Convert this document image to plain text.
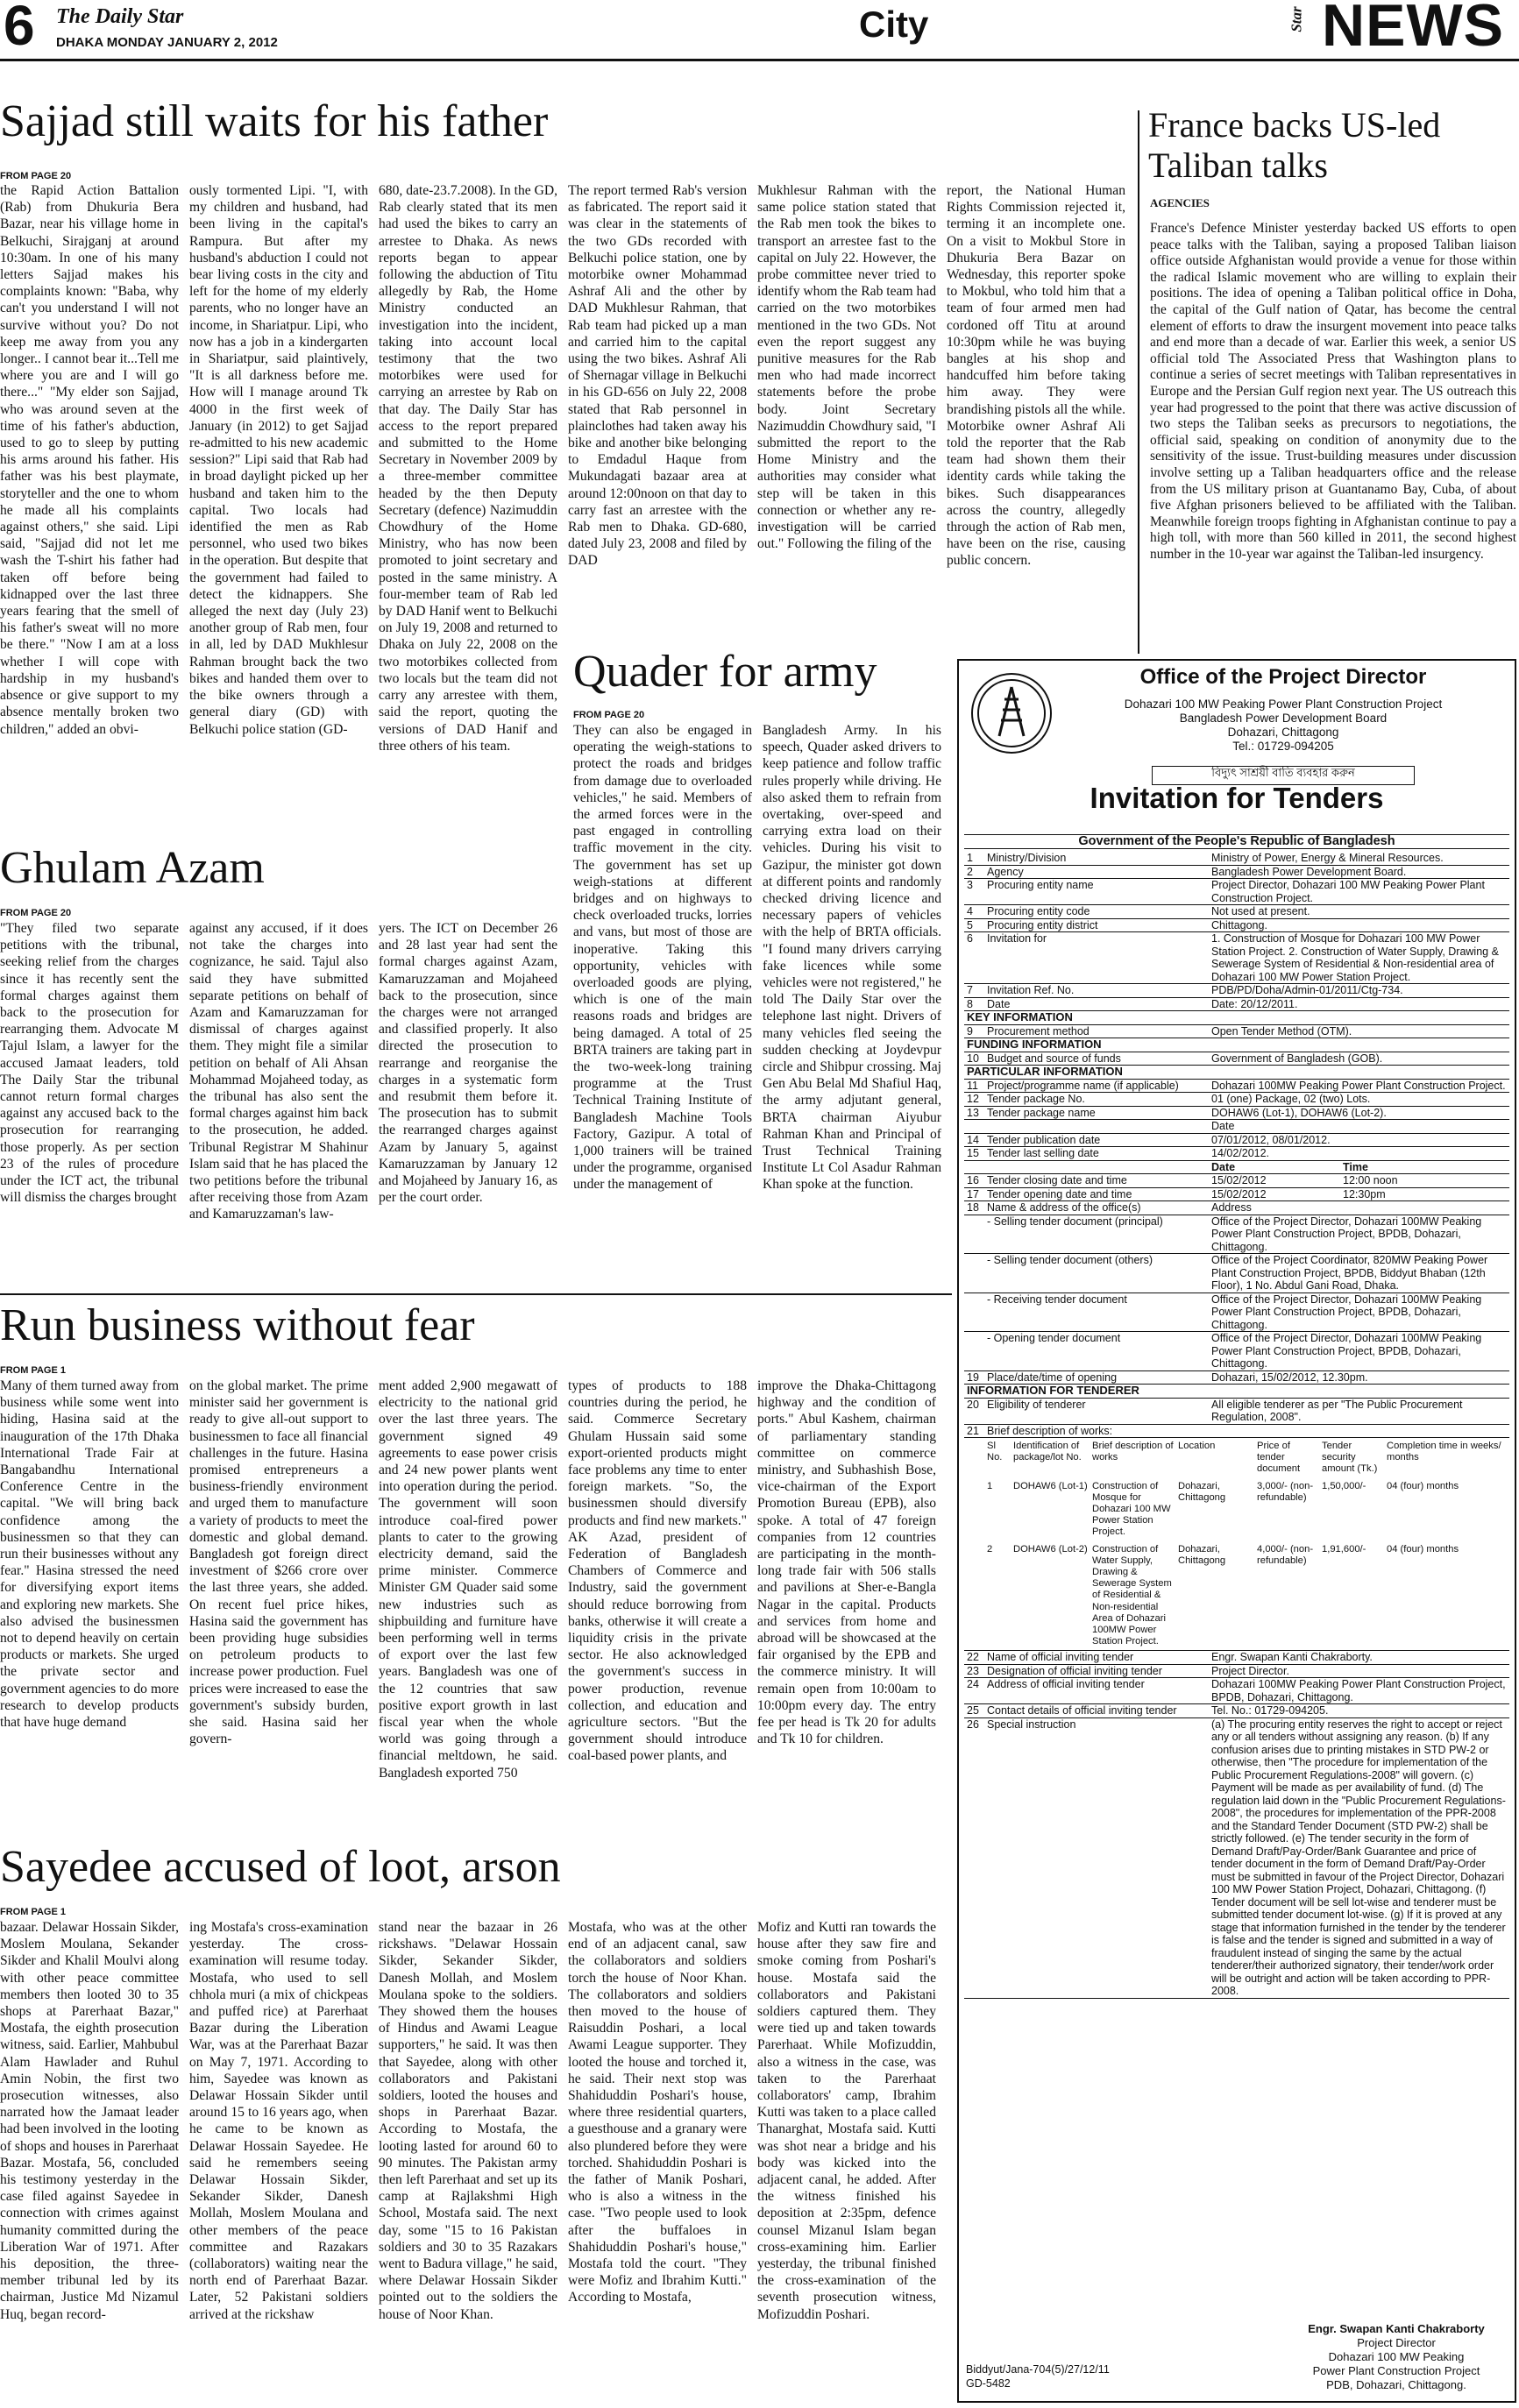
6 The Daily Star
DHAKA MONDAY JANUARY 2, 2012	City	Star NEWS
Sajjad still waits for his father
FROM PAGE 20
the Rapid Action Battalion (Rab) from Dhukuria Bera Bazar, near his village home in Belkuchi, Sirajganj at around 10:30am. In one of his many letters Sajjad makes his complaints known: "Baba, why can't you understand I will not survive without you? Do not keep me away from you any longer.. I cannot bear it...Tell me where you are and I will go there..." "My elder son Sajjad, who was around seven at the time of his father's abduction, used to go to sleep by putting his arms around his father. His father was his best playmate, storyteller and the one to whom he made all his complaints against others," she said. Lipi said, "Sajjad did not let me wash the T-shirt his father had taken off before being kidnapped over the last three years fearing that the smell of his father's sweat will no more be there." "Now I am at a loss whether I will cope with hardship in my husband's absence or give support to my absence mentally broken two children," added an obvi-
ously tormented Lipi. "I, with my children and husband, had been living in the capital's Rampura. But after my husband's abduction I could not bear living costs in the city and left for the home of my elderly parents, who no longer have an income, in Shariatpur. Lipi, who now has a job in a kindergarten in Shariatpur, said plaintively, "It is all darkness before me. How will I manage around Tk 4000 in the first week of January (in 2012) to get Sajjad re-admitted to his new academic session?" Lipi said that Rab had in broad daylight picked up her husband and taken him to the capital. Two locals had identified the men as Rab personnel, who used two bikes in the operation. But despite that the government had failed to detect the kidnappers. She alleged the next day (July 23) another group of Rab men, four in all, led by DAD Mukhlesur Rahman brought back the two bikes and handed them over to the bike owners through a general diary (GD) with Belkuchi police station (GD-
680, date-23.7.2008). In the GD, Rab clearly stated that its men had used the bikes to carry an arrestee to Dhaka. As news reports began to appear following the abduction of Titu allegedly by Rab, the Home Ministry conducted an investigation into the incident, taking into account local testimony that the two motorbikes were used for carrying an arrestee by Rab on that day. The Daily Star has access to the report prepared and submitted to the Home Secretary in November 2009 by a three-member committee headed by the then Deputy Secretary (defence) Nazimuddin Chowdhury of the Home Ministry, who has now been promoted to joint secretary and posted in the same ministry. A four-member team of Rab led by DAD Hanif went to Belkuchi on July 19, 2008 and returned to Dhaka on July 22, 2008 on the two motorbikes collected from two locals but the team did not carry any arrestee with them, said the report, quoting the versions of DAD Hanif and three others of his team.
The report termed Rab's version as fabricated. The report said it was clear in the statements of the two GDs recorded with Belkuchi police station, one by motorbike owner Mohammad Ashraf Ali and the other by DAD Mukhlesur Rahman, that Rab team had picked up a man and carried him to the capital using the two bikes. Ashraf Ali of Shernagar village in Belkuchi in his GD-656 on July 22, 2008 stated that Rab personnel in plainclothes had taken away his bike and another bike belonging to Emdadul Haque from Mukundagati bazaar area at around 12:00noon on that day to carry fast an arrestee with the Rab men to Dhaka. GD-680, dated July 23, 2008 and filed by DAD
Mukhlesur Rahman with the same police station stated that the Rab men took the bikes to transport an arrestee fast to the capital on July 22. However, the probe committee never tried to identify whom the Rab team had carried on the two motorbikes mentioned in the two GDs. Not even the report suggest any punitive measures for the Rab men who had made incorrect statements before the probe body. Joint Secretary Nazimuddin Chowdhury said, "I submitted the report to the Home Ministry and the authorities may consider what step will be taken in this connection or whether any re-investigation will be carried out." Following the filing of the
report, the National Human Rights Commission rejected it, terming it an incomplete one. On a visit to Mokbul Store in Dhukuria Bera Bazar on Wednesday, this reporter spoke to Mokbul, who told him that a team of four armed men had cordoned off Titu at around 10:30pm while he was buying bangles at his shop and handcuffed him before taking him away. They were brandishing pistols all the while. Motorbike owner Ashraf Ali told the reporter that the Rab team had shown them their identity cards while taking the bikes. Such disappearances across the country, allegedly through the action of Rab men, have been on the rise, causing public concern.
France backs US-led Taliban talks
AGENCIES
France's Defence Minister yesterday backed US efforts to open peace talks with the Taliban, saying a proposed Taliban liaison office outside Afghanistan would provide a venue for those within the radical Islamic movement who are willing to explain their positions. The idea of opening a Taliban political office in Doha, the capital of the Gulf nation of Qatar, has become the central element of efforts to draw the insurgent movement into peace talks and end more than a decade of war. Earlier this week, a senior US official told The Associated Press that Washington plans to continue a series of secret meetings with Taliban representatives in Europe and the Persian Gulf region next year. The US outreach this year had progressed to the point that there was active discussion of two steps the Taliban seeks as precursors to negotiations, the official said, speaking on condition of anonymity due to the sensitivity of the issue. Trust-building measures under discussion involve setting up a Taliban headquarters office and the release from the US military prison at Guantanamo Bay, Cuba, of about five Afghan prisoners believed to be affiliated with the Taliban. Meanwhile foreign troops fighting in Afghanistan continue to pay a high toll, with more than 560 killed in 2011, the second highest number in the 10-year war against the Taliban-led insurgency.
Quader for army
FROM PAGE 20
They can also be engaged in operating the weigh-stations to protect the roads and bridges from damage due to overloaded vehicles," he said. Members of the armed forces were in the past engaged in controlling traffic movement in the city. The government has set up weigh-stations at different bridges and on highways to check overloaded trucks, lorries and vans, but most of those are inoperative. Taking this opportunity, vehicles with overloaded goods are plying, which is one of the main reasons roads and bridges are being damaged. A total of 25 BRTA trainers are taking part in the two-week-long training programme at the Trust Technical Training Institute of Bangladesh Machine Tools Factory, Gazipur. A total of 1,000 trainers will be trained under the programme, organised under the management of
Bangladesh Army. In his speech, Quader asked drivers to keep patience and follow traffic rules properly while driving. He also asked them to refrain from overtaking, over-speed and carrying extra load on their vehicles. During his visit to Gazipur, the minister got down at different points and randomly checked driving licence and necessary papers of vehicles with the help of BRTA officials. "I found many drivers carrying fake licences while some vehicles were not registered," he told The Daily Star over the telephone last night. Drivers of many vehicles fled seeing the sudden checking at Joydevpur circle and Shibpur crossing. Maj Gen Abu Belal Md Shafiul Haq, the army adjutant general, BRTA chairman Aiyubur Rahman Khan and Principal of Trust Technical Training Institute Lt Col Asadur Rahman Khan spoke at the function.
Ghulam Azam
FROM PAGE 20
"They filed two separate petitions with the tribunal, seeking relief from the charges since it has recently sent the formal charges against them back to the prosecution for rearranging them. Advocate M Tajul Islam, a lawyer for the accused Jamaat leaders, told The Daily Star the tribunal cannot return formal charges against any accused back to the prosecution for rearranging those properly. As per section 23 of the rules of procedure under the ICT act, the tribunal will dismiss the charges brought
against any accused, if it does not take the charges into cognizance, he said. Tajul also said they have submitted separate petitions on behalf of Azam and Kamaruzzaman for dismissal of charges against them. They might file a similar petition on behalf of Ali Ahsan Mohammad Mojaheed today, as the tribunal has also sent the formal charges against him back to the prosecution, he added. Tribunal Registrar M Shahinur Islam said that he has placed the two petitions before the tribunal after receiving those from Azam and Kamaruzzaman's law-
yers. The ICT on December 26 and 28 last year had sent the formal charges against Azam, Kamaruzzaman and Mojaheed back to the prosecution, since the charges were not arranged and classified properly. It also directed the prosecution to rearrange and reorganise the charges in a systematic form and resubmit them before it. The prosecution has to submit the rearranged charges against Azam by January 5, against Kamaruzzaman by January 12 and Mojaheed by January 16, as per the court order.
Run business without fear
FROM PAGE 1
Many of them turned away from business while some went into hiding, Hasina said at the inauguration of the 17th Dhaka International Trade Fair at Bangabandhu International Conference Centre in the capital. "We will bring back confidence among the businessmen so that they can run their businesses without any fear." Hasina stressed the need for diversifying export items and exploring new markets. She also advised the businessmen not to depend heavily on certain products or markets. She urged the private sector and government agencies to do more research to develop products that have huge demand
on the global market. The prime minister said her government is ready to give all-out support to businessmen to face all financial challenges in the future. Hasina promised entrepreneurs a business-friendly environment and urged them to manufacture a variety of products to meet the domestic and global demand. Bangladesh got foreign direct investment of $266 crore over the last three years, she added. On recent fuel price hikes, Hasina said the government has been providing huge subsidies on petroleum products to increase power production. Fuel prices were increased to ease the government's subsidy burden, she said. Hasina said her govern-
ment added 2,900 megawatt of electricity to the national grid over the last three years. The government signed 49 agreements to ease power crisis and 24 new power plants went into operation during the period. The government will soon introduce coal-fired power plants to cater to the growing electricity demand, said the prime minister. Commerce Minister GM Quader said some new industries such as shipbuilding and furniture have been performing well in terms of export over the last few years. Bangladesh was one of the 12 countries that saw positive export growth in last fiscal year when the whole world was going through a financial meltdown, he said. Bangladesh exported 750
types of products to 188 countries during the period, he said. Commerce Secretary Ghulam Hussain said some export-oriented products might face problems any time to enter foreign markets. "So, the businessmen should diversify products and find new markets." AK Azad, president of Federation of Bangladesh Chambers of Commerce and Industry, said the government should reduce borrowing from banks, otherwise it will create a liquidity crisis in the private sector. He also acknowledged the government's success in power production, revenue collection, and education and agriculture sectors. "But the government should introduce coal-based power plants, and
improve the Dhaka-Chittagong highway and the condition of ports." Abul Kashem, chairman of parliamentary standing committee on commerce ministry, and Subhashish Bose, vice-chairman of the Export Promotion Bureau (EPB), also spoke. A total of 47 foreign companies from 12 countries are participating in the month-long trade fair with 506 stalls and pavilions at Sher-e-Bangla Nagar in the capital. Products and services from home and abroad will be showcased at the fair organised by the EPB and the commerce ministry. It will remain open from 10:00am to 10:00pm every day. The entry fee per head is Tk 20 for adults and Tk 10 for children.
Sayedee accused of loot, arson
FROM PAGE 1
bazaar. Delawar Hossain Sikder, Moslem Moulana, Sekander Sikder and Khalil Moulvi along with other peace committee members then looted 30 to 35 shops at Parerhaat Bazar," Mostafa, the eighth prosecution witness, said. Earlier, Mahbubul Alam Hawlader and Ruhul Amin Nobin, the first two prosecution witnesses, also narrated how the Jamaat leader had been involved in the looting of shops and houses in Parerhaat Bazar. Mostafa, 56, concluded his testimony yesterday in the case filed against Sayedee in connection with crimes against humanity committed during the Liberation War of 1971. After his deposition, the three-member tribunal led by its chairman, Justice Md Nizamul Huq, began record-
ing Mostafa's cross-examination yesterday. The cross-examination will resume today. Mostafa, who used to sell chhola muri (a mix of chickpeas and puffed rice) at Parerhaat Bazar during the Liberation War, was at the Parerhaat Bazar on May 7, 1971. According to him, Sayedee was known as Delawar Hossain Sikder until around 15 to 16 years ago, when he came to be known as Delawar Hossain Sayedee. He said he remembers seeing Delawar Hossain Sikder, Sekander Sikder, Danesh Mollah, Moslem Moulana and other members of the peace committee and Razakars (collaborators) waiting near the north end of Parerhaat Bazar. Later, 52 Pakistani soldiers arrived at the rickshaw
stand near the bazaar in 26 rickshaws. "Delawar Hossain Sikder, Sekander Sikder, Danesh Mollah, and Moslem Moulana spoke to the soldiers. They showed them the houses of Hindus and Awami League supporters," he said. It was then that Sayedee, along with other collaborators and Pakistani soldiers, looted the houses and shops in Parerhaat Bazar. According to Mostafa, the looting lasted for around 60 to 90 minutes. The Pakistan army then left Parerhaat and set up its camp at Rajlakshmi High School, Mostafa said. The next day, some "15 to 16 Pakistan soldiers and 30 to 35 Razakars went to Badura village," he said, where Delawar Hossain Sikder pointed out to the soldiers the house of Noor Khan.
Mostafa, who was at the other end of an adjacent canal, saw the collaborators and soldiers torch the house of Noor Khan. The collaborators and soldiers then moved to the house of Raisuddin Poshari, a local Awami League supporter. They looted the house and torched it, he said. Their next stop was Shahiduddin Poshari's house, where three residential quarters, a guesthouse and a granary were also plundered before they were torched. Shahiduddin Poshari is the father of Manik Poshari, who is also a witness in the case. "Two people used to look after the buffaloes in Shahiduddin Poshari's house," Mostafa told the court. "They were Mofiz and Ibrahim Kutti." According to Mostafa,
Mofiz and Kutti ran towards the house after they saw fire and smoke coming from Poshari's house. Mostafa said the collaborators and Pakistani soldiers captured them. They were tied up and taken towards Parerhaat. While Mofizuddin, also a witness in the case, was taken to the Parerhaat collaborators' camp, Ibrahim Kutti was taken to a place called Thanarghat, Mostafa said. Kutti was shot near a bridge and his body was kicked into the adjacent canal, he added. After the witness finished his deposition at 2:35pm, defence counsel Mizanul Islam began cross-examining him. Earlier yesterday, the tribunal finished the cross-examination of the seventh prosecution witness, Mofizuddin Poshari.
Office of the Project Director
Dohazari 100 MW Peaking Power Plant Construction Project
Bangladesh Power Development Board
Dohazari, Chittagong
Tel.: 01729-094205
বিদ্যুৎ সাশ্রয়ী বাতি ব্যবহার করুন
Invitation for Tenders
Government of the People's Republic of Bangladesh
1	Ministry/Division	Ministry of Power, Energy & Mineral Resources.
2	Agency	Bangladesh Power Development Board.
3	Procuring entity name	Project Director, Dohazari 100 MW Peaking Power Plant Construction Project.
4	Procuring entity code	Not used at present.
5	Procuring entity district	Chittagong.
6	Invitation for	1. Construction of Mosque for Dohazari 100 MW Power Station Project. 2. Construction of Water Supply, Drawing & Sewerage System of Residential & Non-residential area of Dohazari 100 MW Power Station Project.
7	Invitation Ref. No.	PDB/PD/Doha/Admin-01/2011/Ctg-734.
8	Date	Date: 20/12/2011.
KEY INFORMATION
9	Procurement method	Open Tender Method (OTM).
FUNDING INFORMATION
10 Budget and source of funds	Government of Bangladesh (GOB).
PARTICULAR INFORMATION
11 Project/programme name (if applicable)	Dohazari 100MW Peaking Power Plant Construction Project.
12 Tender package No.	01 (one) Package, 02 (two) Lots.
13 Tender package name	DOHAW6 (Lot-1), DOHAW6 (Lot-2).
Date
14 Tender publication date	07/01/2012, 08/01/2012.
15 Tender last selling date	14/02/2012.
Date	Time
16 Tender closing date and time	15/02/2012	12:00 noon
17 Tender opening date and time	15/02/2012	12:30pm
18 Name & address of the office(s)	Address
- Selling tender document (principal)	Office of the Project Director, Dohazari 100MW Peaking Power Plant Construction Project, BPDB, Dohazari, Chittagong.
- Selling tender document (others)	Office of the Project Coordinator, 820MW Peaking Power Plant Construction Project, BPDB, Biddyut Bhaban (12th Floor), 1 No. Abdul Gani Road, Dhaka.
- Receiving tender document	Office of the Project Director, Dohazari 100MW Peaking Power Plant Construction Project, BPDB, Dohazari, Chittagong.
- Opening tender document	Office of the Project Director, Dohazari 100MW Peaking Power Plant Construction Project, BPDB, Dohazari, Chittagong.
19 Place/date/time of opening	Dohazari, 15/02/2012, 12.30pm.
INFORMATION FOR TENDERER
20 Eligibility of tenderer	All eligible tenderer as per "The Public Procurement Regulation, 2008".
21 Brief description of works:
Sl No.
Identification of package/lot No.
Brief description of works
Location	Price of tender document
Tender security amount (Tk.)
Completion time in weeks/ months
1	DOHAW6 (Lot-1) Construction of Mosque for Dohazari 100 MW Power Station Project.
Dohazari, Chittagong
3,000/- (non-refundable)
1,50,000/-	04 (four) months
2	DOHAW6 (Lot-2) Construction of Water Supply, Drawing & Sewerage System of Residential & Non-residential Area of Dohazari 100MW Power Station Project.
Dohazari, Chittagong
4,000/- (non-refundable)
1,91,600/-	04 (four) months
22 Name of official inviting tender	Engr. Swapan Kanti Chakraborty.
23 Designation of official inviting tender	Project Director.
24 Address of official inviting tender	Dohazari 100MW Peaking Power Plant Construction Project, BPDB, Dohazari, Chittagong.
25 Contact details of official inviting tender	Tel. No.: 01729-094205.
26 Special instruction	(a) The procuring entity reserves the right to accept or reject any or all tenders without assigning any reason. (b) If any confusion arises due to printing mistakes in STD PW-2 or otherwise, then "The procedure for implementation of the Public Procurement Regulations-2008" will govern. (c) Payment will be made as per availability of fund. (d) The regulation laid down in the "Public Procurement Regulations-2008", the procedures for implementation of the PPR-2008 and the Standard Tender Document (STD PW-2) shall be strictly followed. (e) The tender security in the form of Demand Draft/Pay-Order/Bank Guarantee and price of tender document in the form of Demand Draft/Pay-Order must be submitted in favour of the Project Director, Dohazari 100 MW Power Station Project, Dohazari, Chittagong. (f) Tender document will be sell lot-wise and tenderer must be submitted tender document lot-wise. (g) If it is proved at any stage that information furnished in the tender by the tenderer is false and the tender is signed and submitted in a way of fraudulent instead of singing the same by the actual tenderer/their authorized signatory, their tender/work order will be outright and action will be taken according to PPR-2008.
Biddyut/Jana-704(5)/27/12/11
GD-5482
Engr. Swapan Kanti Chakraborty
Project Director
Dohazari 100 MW Peaking
Power Plant Construction Project
PDB, Dohazari, Chittagong.
